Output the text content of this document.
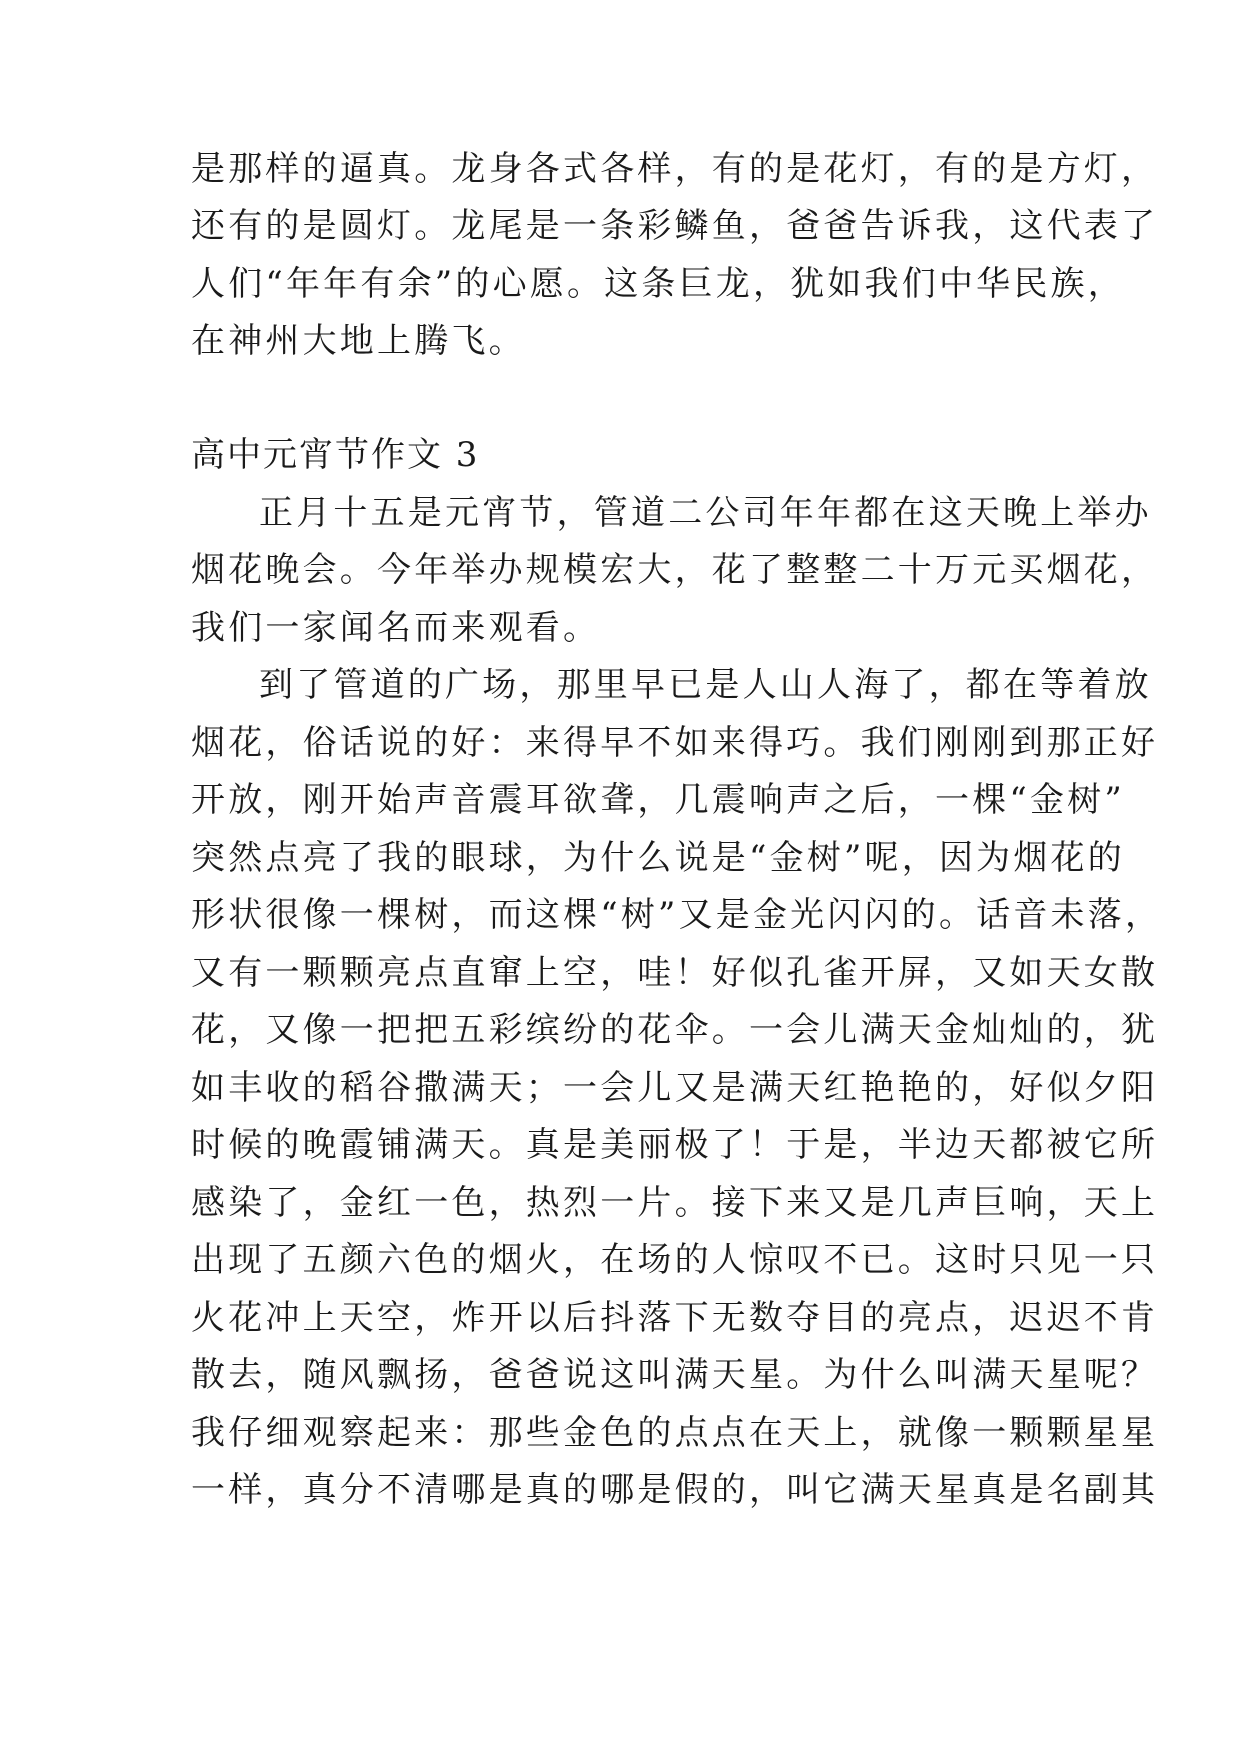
是那样的逼真。龙身各式各样，有的是花灯，有的是方灯，

还有的是圆灯。龙尾是一条彩鳞鱼，爸爸告诉我，这代表了

人们“年年有余”的心愿。这条巨龙，犹如我们中华民族，

在神州大地上腾飞。

高中元宵节作文 3

正月十五是元宵节，管道二公司年年都在这天晚上举办

烟花晚会。今年举办规模宏大，花了整整二十万元买烟花，

我们一家闻名而来观看。

到了管道的广场，那里早已是人山人海了，都在等着放

烟花，俗话说的好：来得早不如来得巧。我们刚刚到那正好

开放，刚开始声音震耳欲聋，几震响声之后，一棵“金树”

突然点亮了我的眼球，为什么说是“金树”呢，因为烟花的

形状很像一棵树，而这棵“树”又是金光闪闪的。话音未落，

又有一颗颗亮点直窜上空，哇！好似孔雀开屏，又如天女散

花，又像一把把五彩缤纷的花伞。一会儿满天金灿灿的，犹

如丰收的稻谷撒满天；一会儿又是满天红艳艳的，好似夕阳

时候的晚霞铺满天。真是美丽极了！于是，半边天都被它所

感染了，金红一色，热烈一片。接下来又是几声巨响，天上

出现了五颜六色的烟火，在场的人惊叹不已。这时只见一只

火花冲上天空，炸开以后抖落下无数夺目的亮点，迟迟不肯

散去，随风飘扬，爸爸说这叫满天星。为什么叫满天星呢？

我仔细观察起来：那些金色的点点在天上，就像一颗颗星星

一样，真分不清哪是真的哪是假的，叫它满天星真是名副其
